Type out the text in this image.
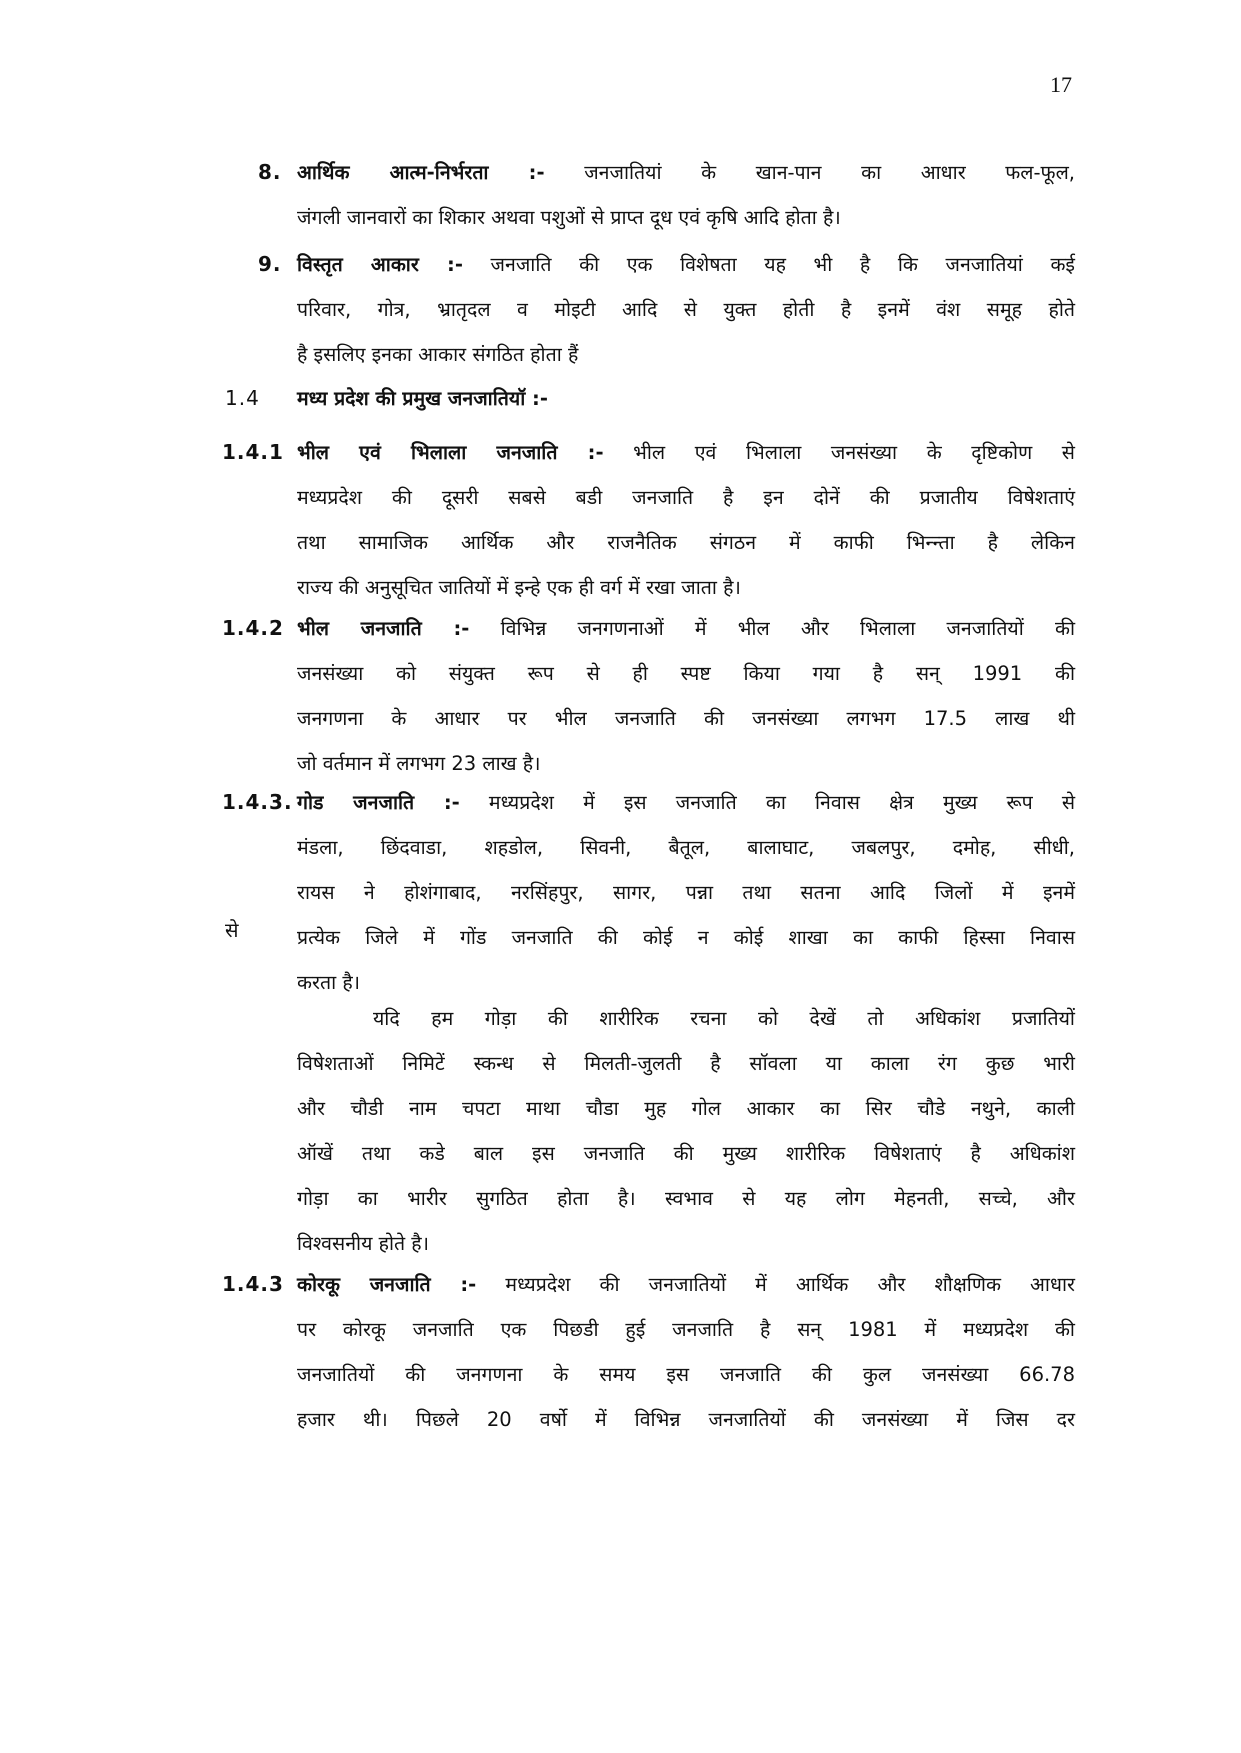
17
8. आर्थिक आत्म-निर्भरता :- जनजातियां के खान-पान का आधार फल-फूल,
जंगली जानवारों का शिकार अथवा पशुओं से प्राप्त दूध एवं कृषि आदि होता है।
9. विस्तृत आकार :- जनजाति की एक विशेषता यह भी है कि जनजातियां कई
परिवार, गोत्र, भ्रातृदल व मोइटी आदि से युक्त होती है इनमें वंश समूह होते
है इसलिए इनका आकार संगठित होता हैं
1.4 मध्य प्रदेश की प्रमुख जनजातियॉ :-
1.4.1 भील एवं भिलाला जनजाति :- भील एवं भिलाला जनसंख्या के दृष्टिकोण से
मध्यप्रदेश की दूसरी सबसे बडी जनजाति है इन दोनें की प्रजातीय विषेशताएं
तथा सामाजिक आर्थिक और राजनैतिक संगठन में काफी भिन्न्ता है लेकिन
राज्य की अनुसूचित जातियों में इन्हे एक ही वर्ग में रखा जाता है।
1.4.2 भील जनजाति :- विभिन्न जनगणनाओं में भील और भिलाला जनजातियों की
जनसंख्या को संयुक्त रूप से ही स्पष्ट किया गया है सन् 1991 की
जनगणना के आधार पर भील जनजाति की जनसंख्या लगभग 17.5 लाख थी
जो वर्तमान में लगभग 23 लाख है।
1.4.3.
से
गोड जनजाति :- मध्यप्रदेश में इस जनजाति का निवास क्षेत्र मुख्य रूप से
मंडला, छिंदवाडा, शहडोल, सिवनी, बैतूल, बालाघाट, जबलपुर, दमोह, सीधी,
रायस ने होशंगाबाद, नरसिंहपुर, सागर, पन्ना तथा सतना आदि जिलों में इनमें
प्रत्येक जिले में गोंड जनजाति की कोई न कोई शाखा का काफी हिस्सा निवास
करता है।
यदि हम गोड़ा की शारीरिक रचना को देखें तो अधिकांश प्रजातियों
विषेशताओं निमिटें स्कन्ध से मिलती-जुलती है सॉवला या काला रंग कुछ भारी
और चौडी नाम चपटा माथा चौडा मुह गोल आकार का सिर चौडे नथुने, काली
ऑखें तथा कडे बाल इस जनजाति की मुख्य शारीरिक विषेशताएं है अधिकांश
गोड़ा का भारीर सुगठित होता है। स्वभाव से यह लोग मेहनती, सच्चे, और
विश्वसनीय होते है।
1.4.3 कोरकू जनजाति :- मध्यप्रदेश की जनजातियों में आर्थिक और शौक्षणिक आधार
पर कोरकू जनजाति एक पिछडी हुई जनजाति है सन् 1981 में मध्यप्रदेश की
जनजातियों की जनगणना के समय इस जनजाति की कुल जनसंख्या 66.78
हजार थी। पिछले 20 वर्षो में विभिन्न जनजातियों की जनसंख्या में जिस दर
